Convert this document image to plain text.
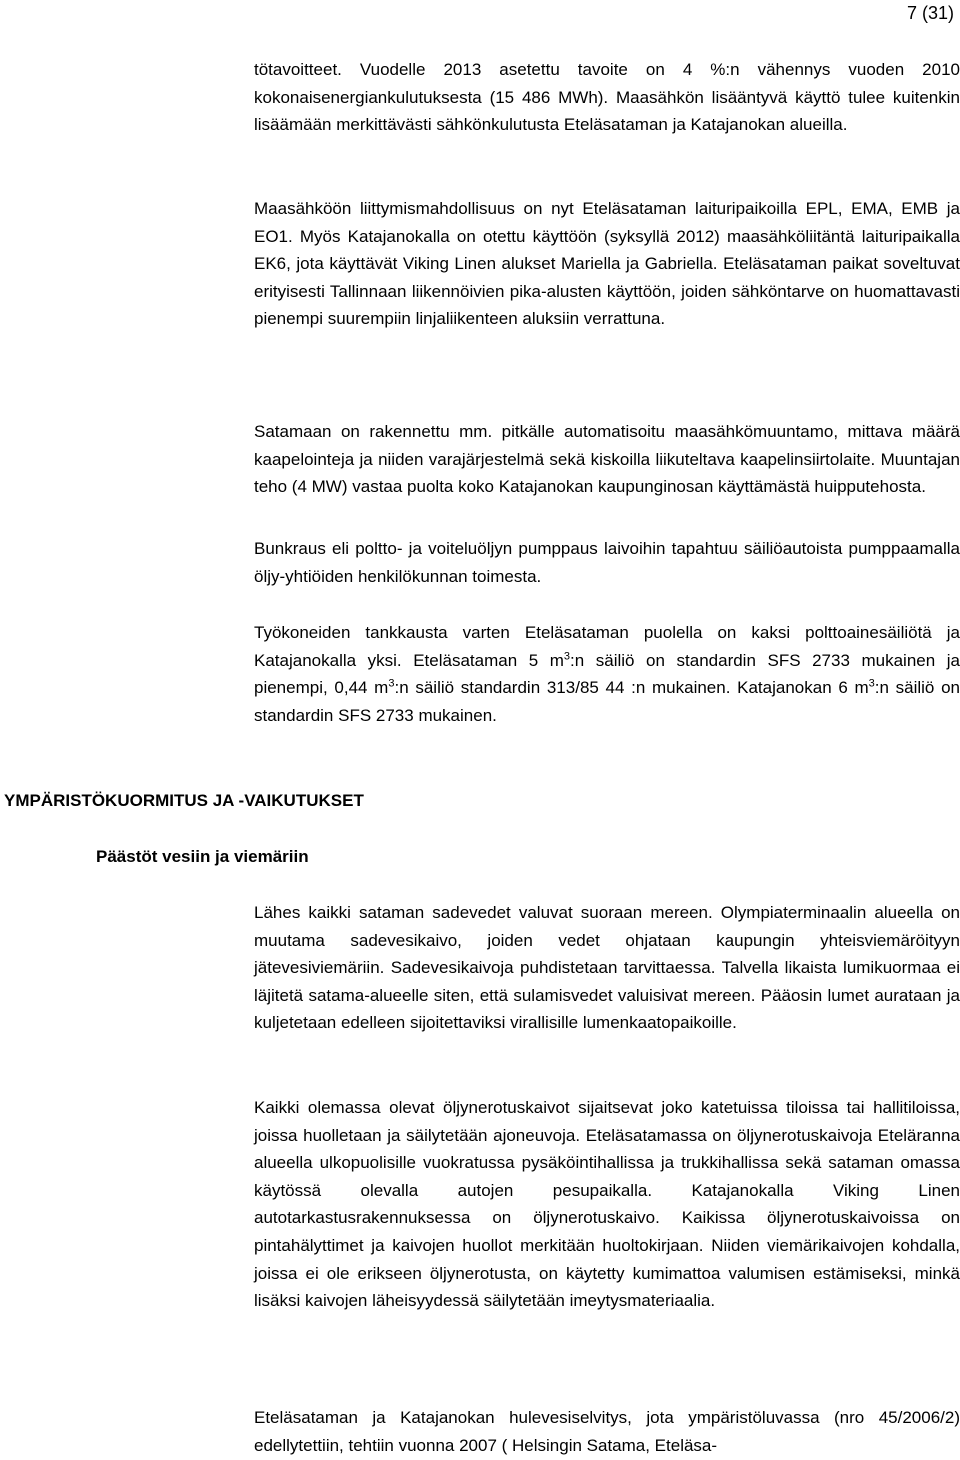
7 (31)

tötavoitteet. Vuodelle 2013 asetettu tavoite on 4 %:n vähennys vuoden 2010 kokonaisenergiankulutuksesta (15 486 MWh). Maasähkön lisääntyvä käyttö tulee kuitenkin lisäämään merkittävästi sähkönkulutusta Eteläsataman ja Katajanokan alueilla.

Maasähköön liittymismahdollisuus on nyt Eteläsataman laituripaikoilla EPL, EMA, EMB ja EO1. Myös Katajanokalla on otettu käyttöön (syksyllä 2012) maasähköliitäntä laituripaikalla EK6, jota käyttävät Viking Linen alukset Mariella ja Gabriella. Eteläsataman paikat soveltuvat erityisesti Tallinnaan liikennöivien pika-alusten käyttöön, joiden sähköntarve on huomattavasti pienempi suurempiin linjaliikenteen aluksiin verrattuna.

Satamaan on rakennettu mm. pitkälle automatisoitu maasähkömuuntamo, mittava määrä kaapelointeja ja niiden varajärjestelmä sekä kiskoilla liikuteltava kaapelinsiirtolaite. Muuntajan teho (4 MW) vastaa puolta koko Katajanokan kaupunginosan käyttämästä huipputehosta.

Bunkraus eli poltto- ja voiteluöljyn pumppaus laivoihin tapahtuu säiliöautoista pumppaamalla öljy-yhtiöiden henkilökunnan toimesta.

Työkoneiden tankkausta varten Eteläsataman puolella on kaksi polttoainesäiliötä ja Katajanokalla yksi. Eteläsataman 5 $m^3:n$ säiliö on standardin SFS 2733 mukainen ja pienempi, 0,44 $m^3:n$ säiliö standardin 313/85 44 :n mukainen. Katajanokan 6 $m^3:n$ säiliö on standardin SFS 2733 mukainen.

YMPÄRISTÖKUORMITUS JA -VAIKUTUKSET
Päästöt vesiin ja viemäriin

Lähes kaikki sataman sadevedet valuvat suoraan mereen. Olympiaterminaalin alueella on muutama sadevesikaivo, joiden vedet ohjataan kaupungin yhteisviemäröityyn jätevesiviemäriin. Sadevesikaivoja puhdistetaan tarvittaessa. Talvella likaista lumikuormaa ei läjitetä satama-alueelle siten, että sulamisvedet valuisivat mereen. Pääosin lumet aurataan ja kuljetetaan edelleen sijoitettaviksi virallisille lumenkaatopaikoille.

Kaikki olemassa olevat öljynerotuskaivot sijaitsevat joko katetuissa tiloissa tai hallitiloissa, joissa huolletaan ja säilytetään ajoneuvoja. Eteläsatamassa on öljynerotuskaivoja Eteläranna alueella ulkopuolisille vuokratussa pysäköintihallissa ja trukkihallissa sekä sataman omassa käytössä olevalla autojen pesupaikalla. Katajanokalla Viking Linen autotarkastusrakennuksessa on öljynerotuskaivo. Kaikissa öljynerotuskaivoissa on pintahälyttimet ja kaivojen huollot merkitään huoltokirjaan. Niiden viemärikaivojen kohdalla, joissa ei ole erikseen öljynerotusta, on käytetty kumimattoa valumisen estämiseksi, minkä lisäksi kaivojen läheisyydessä säilytetään imeytysmateriaalia.

Eteläsataman ja Katajanokan hulevesiselvitys, jota ympäristöluvassa (nro 45/2006/2) edellytettiin, tehtiin vuonna 2007 ( Helsingin Satama, Eteläsa-
